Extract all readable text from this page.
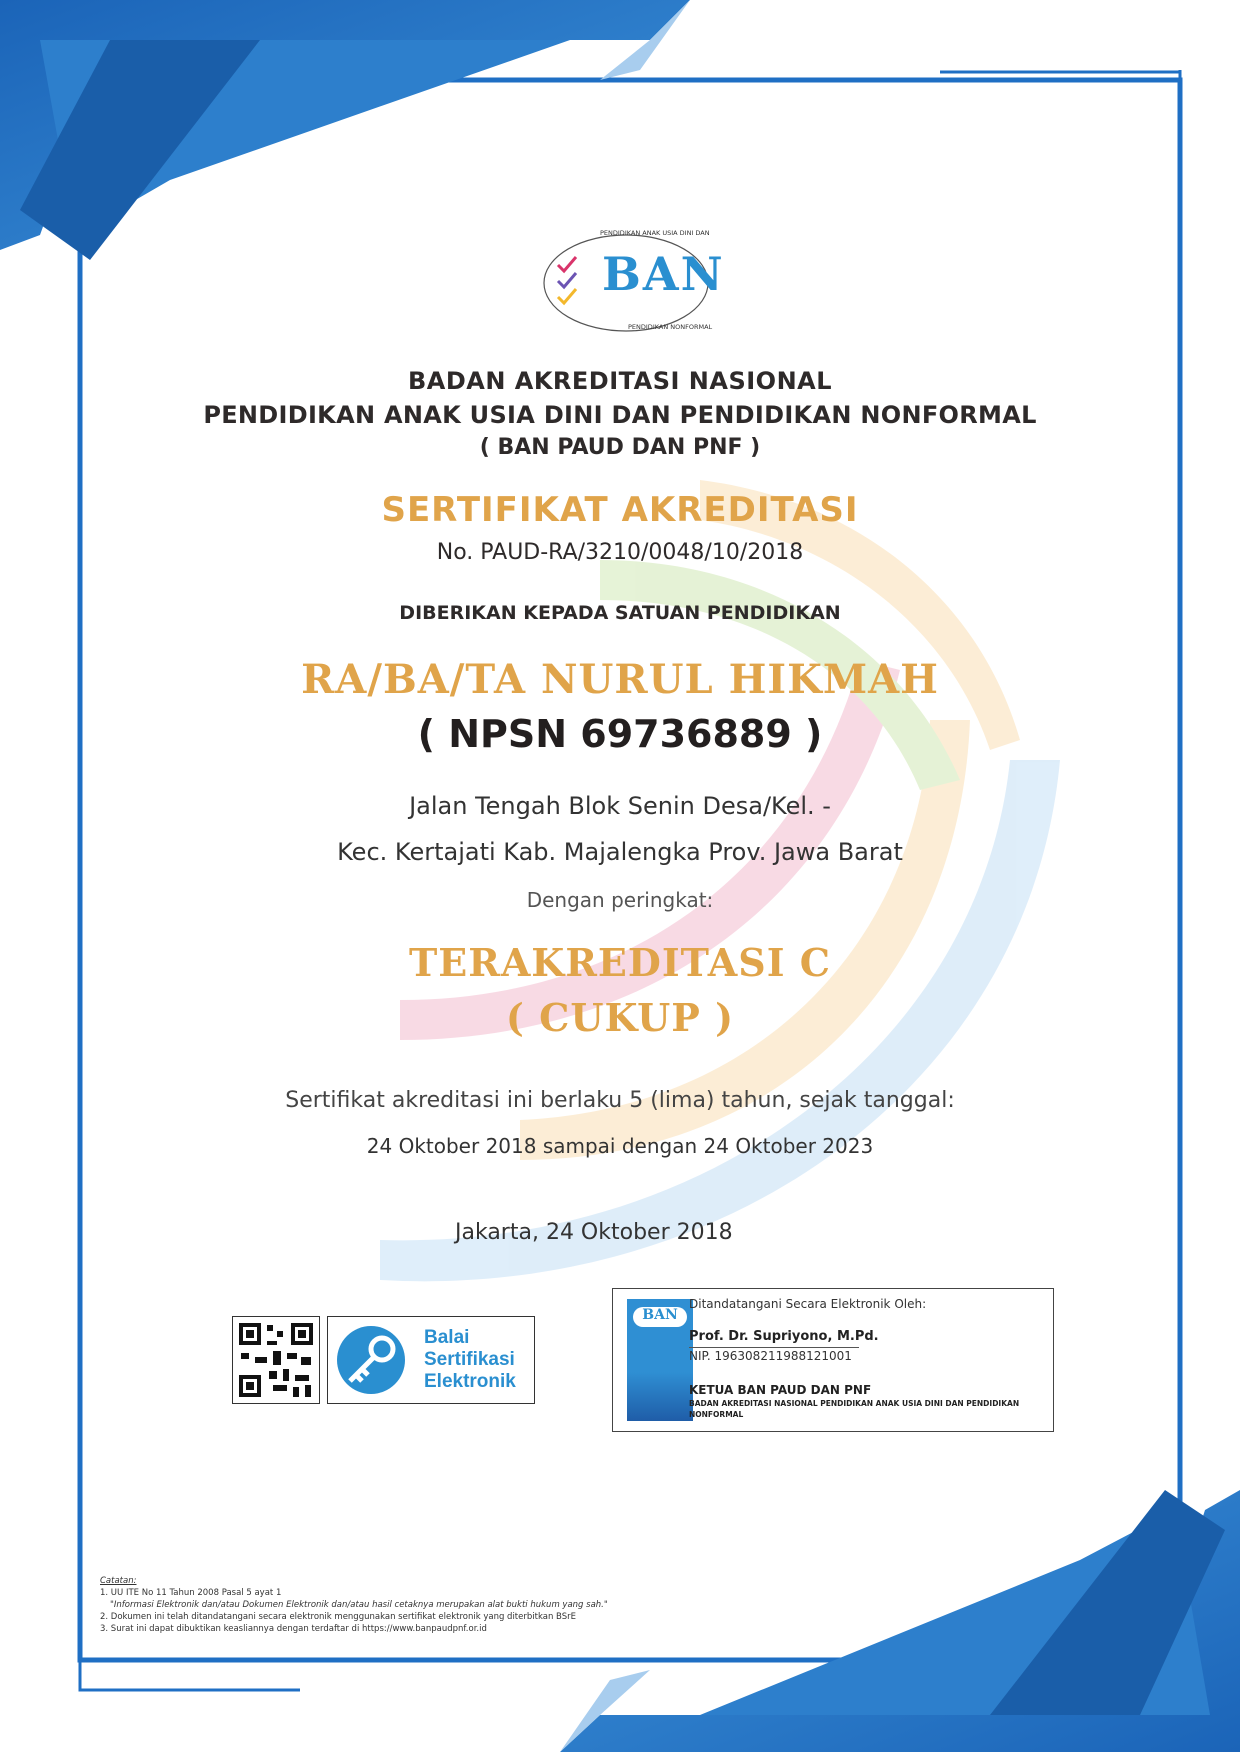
BAN
PENDIDIKAN ANAK USIA DINI DAN
PENDIDIKAN NONFORMAL
BADAN AKREDITASI NASIONAL
PENDIDIKAN ANAK USIA DINI DAN PENDIDIKAN NONFORMAL
( BAN PAUD DAN PNF )
SERTIFIKAT AKREDITASI
No. PAUD-RA/3210/0048/10/2018
DIBERIKAN KEPADA SATUAN PENDIDIKAN
RA/BA/TA NURUL HIKMAH
( NPSN 69736889 )
Jalan Tengah Blok Senin Desa/Kel. -
Kec. Kertajati Kab. Majalengka Prov. Jawa Barat
Dengan peringkat:
TERAKREDITASI C
( CUKUP )
Sertifikat akreditasi ini berlaku 5 (lima) tahun, sejak tanggal:
24 Oktober 2018 sampai dengan 24 Oktober 2023
Jakarta, 24 Oktober 2018
Balai
Sertifikasi
Elektronik
BAN
Ditandatangani Secara Elektronik Oleh:
Prof. Dr. Supriyono, M.Pd.
NIP. 196308211988121001
KETUA BAN PAUD DAN PNF
BADAN AKREDITASI NASIONAL PENDIDIKAN ANAK USIA DINI DAN PENDIDIKAN
NONFORMAL
Catatan:
1. UU ITE No 11 Tahun 2008 Pasal 5 ayat 1
"Informasi Elektronik dan/atau Dokumen Elektronik dan/atau hasil cetaknya merupakan alat bukti hukum yang sah."
2. Dokumen ini telah ditandatangani secara elektronik menggunakan sertifikat elektronik yang diterbitkan BSrE
3. Surat ini dapat dibuktikan keasliannya dengan terdaftar di https://www.banpaudpnf.or.id
